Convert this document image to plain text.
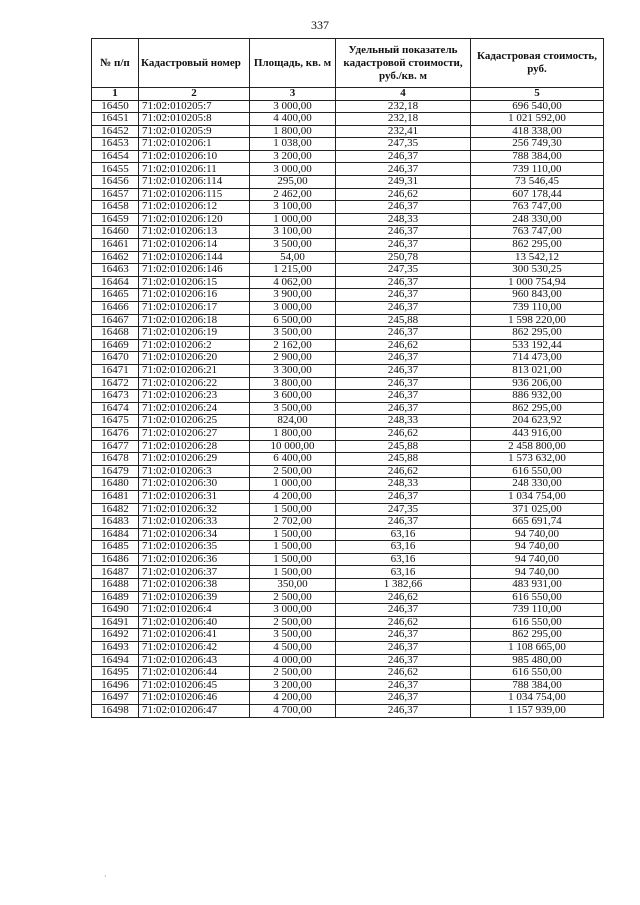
337
№ п/п	Кадастровый номер	Площадь, кв. м	Удельный показатель кадастровой стоимости, руб./кв. м	Кадастровая стоимость, руб.
1	2	3	4	5
16450	71:02:010205:7	3 000,00	232,18	696 540,00
16451	71:02:010205:8	4 400,00	232,18	1 021 592,00
16452	71:02:010205:9	1 800,00	232,41	418 338,00
16453	71:02:010206:1	1 038,00	247,35	256 749,30
16454	71:02:010206:10	3 200,00	246,37	788 384,00
16455	71:02:010206:11	3 000,00	246,37	739 110,00
16456	71:02:010206:114	295,00	249,31	73 546,45
16457	71:02:010206:115	2 462,00	246,62	607 178,44
16458	71:02:010206:12	3 100,00	246,37	763 747,00
16459	71:02:010206:120	1 000,00	248,33	248 330,00
16460	71:02:010206:13	3 100,00	246,37	763 747,00
16461	71:02:010206:14	3 500,00	246,37	862 295,00
16462	71:02:010206:144	54,00	250,78	13 542,12
16463	71:02:010206:146	1 215,00	247,35	300 530,25
16464	71:02:010206:15	4 062,00	246,37	1 000 754,94
16465	71:02:010206:16	3 900,00	246,37	960 843,00
16466	71:02:010206:17	3 000,00	246,37	739 110,00
16467	71:02:010206:18	6 500,00	245,88	1 598 220,00
16468	71:02:010206:19	3 500,00	246,37	862 295,00
16469	71:02:010206:2	2 162,00	246,62	533 192,44
16470	71:02:010206:20	2 900,00	246,37	714 473,00
16471	71:02:010206:21	3 300,00	246,37	813 021,00
16472	71:02:010206:22	3 800,00	246,37	936 206,00
16473	71:02:010206:23	3 600,00	246,37	886 932,00
16474	71:02:010206:24	3 500,00	246,37	862 295,00
16475	71:02:010206:25	824,00	248,33	204 623,92
16476	71:02:010206:27	1 800,00	246,62	443 916,00
16477	71:02:010206:28	10 000,00	245,88	2 458 800,00
16478	71:02:010206:29	6 400,00	245,88	1 573 632,00
16479	71:02:010206:3	2 500,00	246,62	616 550,00
16480	71:02:010206:30	1 000,00	248,33	248 330,00
16481	71:02:010206:31	4 200,00	246,37	1 034 754,00
16482	71:02:010206:32	1 500,00	247,35	371 025,00
16483	71:02:010206:33	2 702,00	246,37	665 691,74
16484	71:02:010206:34	1 500,00	63,16	94 740,00
16485	71:02:010206:35	1 500,00	63,16	94 740,00
16486	71:02:010206:36	1 500,00	63,16	94 740,00
16487	71:02:010206:37	1 500,00	63,16	94 740,00
16488	71:02:010206:38	350,00	1 382,66	483 931,00
16489	71:02:010206:39	2 500,00	246,62	616 550,00
16490	71:02:010206:4	3 000,00	246,37	739 110,00
16491	71:02:010206:40	2 500,00	246,62	616 550,00
16492	71:02:010206:41	3 500,00	246,37	862 295,00
16493	71:02:010206:42	4 500,00	246,37	1 108 665,00
16494	71:02:010206:43	4 000,00	246,37	985 480,00
16495	71:02:010206:44	2 500,00	246,62	616 550,00
16496	71:02:010206:45	3 200,00	246,37	788 384,00
16497	71:02:010206:46	4 200,00	246,37	1 034 754,00
16498	71:02:010206:47	4 700,00	246,37	1 157 939,00
·
